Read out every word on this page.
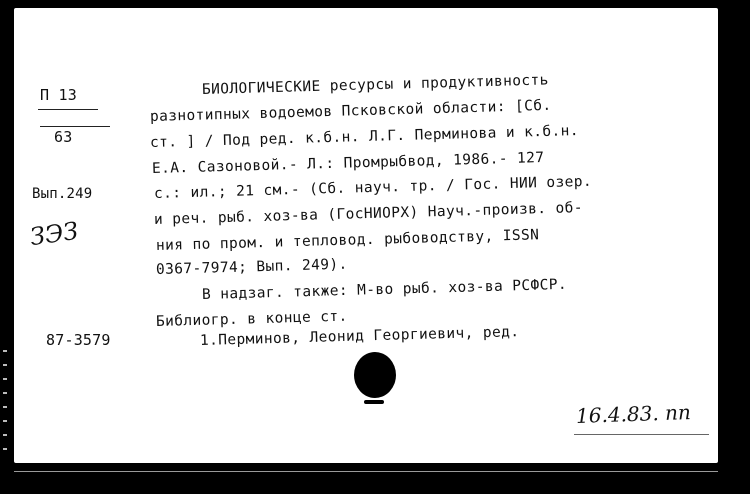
П 13
63
Вып.249
ЗЭЗ
87-3579
БИОЛОГИЧЕСКИЕ ресурсы и продуктивность
разнотипных водоемов Псковской области: [Сб.
ст. ] / Под ред. к.б.н. Л.Г. Перминова и к.б.н.
Е.А. Сазоновой.- Л.: Промрыбвод, 1986.- 127
с.: ил.; 21 см.- (Сб. науч. тр. / Гос. НИИ озер.
и реч. рыб. хоз-ва (ГосНИОРХ) Науч.-произв. об-
ния по пром. и тепловод. рыбоводству, ISSN
0367-7974; Вып. 249).
В надзаг. также: М-во рыб. хоз-ва РСФСР.
Библиогр. в конце ст.
1.Перминов, Леонид Георгиевич, ред.
16.4.83. пп
